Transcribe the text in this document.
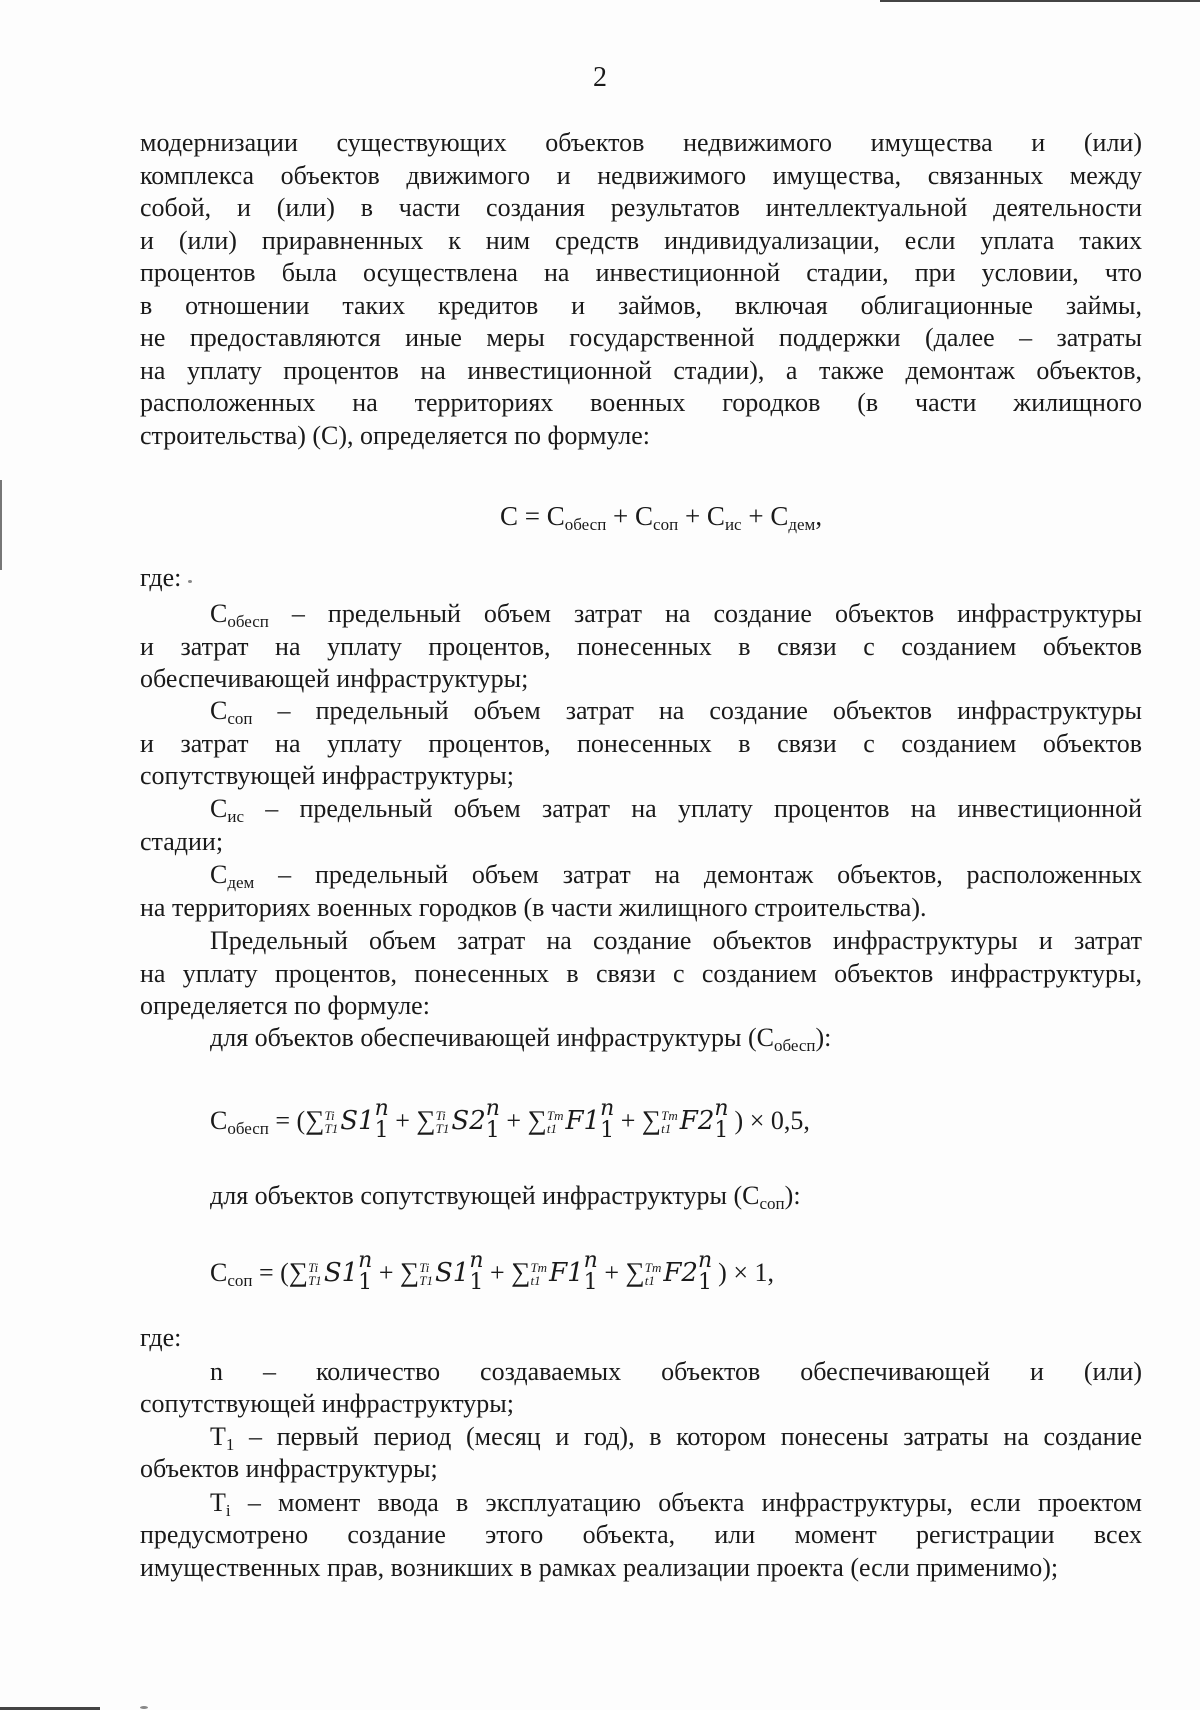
2
модернизации существующих объектов недвижимого имущества и (или)
комплекса объектов движимого и недвижимого имущества, связанных между
собой, и (или) в части создания результатов интеллектуальной деятельности
и (или) приравненных к ним средств индивидуализации, если уплата таких
процентов была осуществлена на инвестиционной стадии, при условии, что
в отношении таких кредитов и займов, включая облигационные займы,
не предоставляются иные меры государственной поддержки (далее – затраты
на уплату процентов на инвестиционной стадии), а также демонтаж объектов,
расположенных на территориях военных городков (в части жилищного
строительства) (С), определяется по формуле:
$С = С_{обесп} + С_{соп} + С_{ис} + С_{дем}$,
где:
$С_{обесп}$ – предельный объем затрат на создание объектов инфраструктуры
и затрат на уплату процентов, понесенных в связи с созданием объектов
обеспечивающей инфраструктуры;
$С_{соп}$ – предельный объем затрат на создание объектов инфраструктуры
и затрат на уплату процентов, понесенных в связи с созданием объектов
сопутствующей инфраструктуры;
$С_{ис}$ – предельный объем затрат на уплату процентов на инвестиционной
стадии;
$С_{дем}$ – предельный объем затрат на демонтаж объектов, расположенных
на территориях военных городков (в части жилищного строительства).
Предельный объем затрат на создание объектов инфраструктуры и затрат
на уплату процентов, понесенных в связи с созданием объектов инфраструктуры,
определяется по формуле:
для объектов обеспечивающей инфраструктуры $(С_{обесп})$:
$С_{обесп}$ = (∑ Ti
T1 S1 n
1 + ∑ Ti
T1 S2 n
1 + ∑ Tm
t1 F1 n
1 + ∑ Tm
t1 F2 n
1 ) × 0,5,
для объектов сопутствующей инфраструктуры $(С_{соп})$:
$С_{соп}$ = (∑ Ti
T1 S1 n
1 + ∑ Ti
T1 S1 n
1 + ∑ Tm
t1 F1 n
1 + ∑ Tm
t1 F2 n
1 ) × 1,
где:
n – количество создаваемых объектов обеспечивающей и (или)
сопутствующей инфраструктуры;
$Т_1$ – первый период (месяц и год), в котором понесены затраты на создание
объектов инфраструктуры;
$Т_i$ – момент ввода в эксплуатацию объекта инфраструктуры, если проектом
предусмотрено создание этого объекта, или момент регистрации всех
имущественных прав, возникших в рамках реализации проекта (если применимо);
